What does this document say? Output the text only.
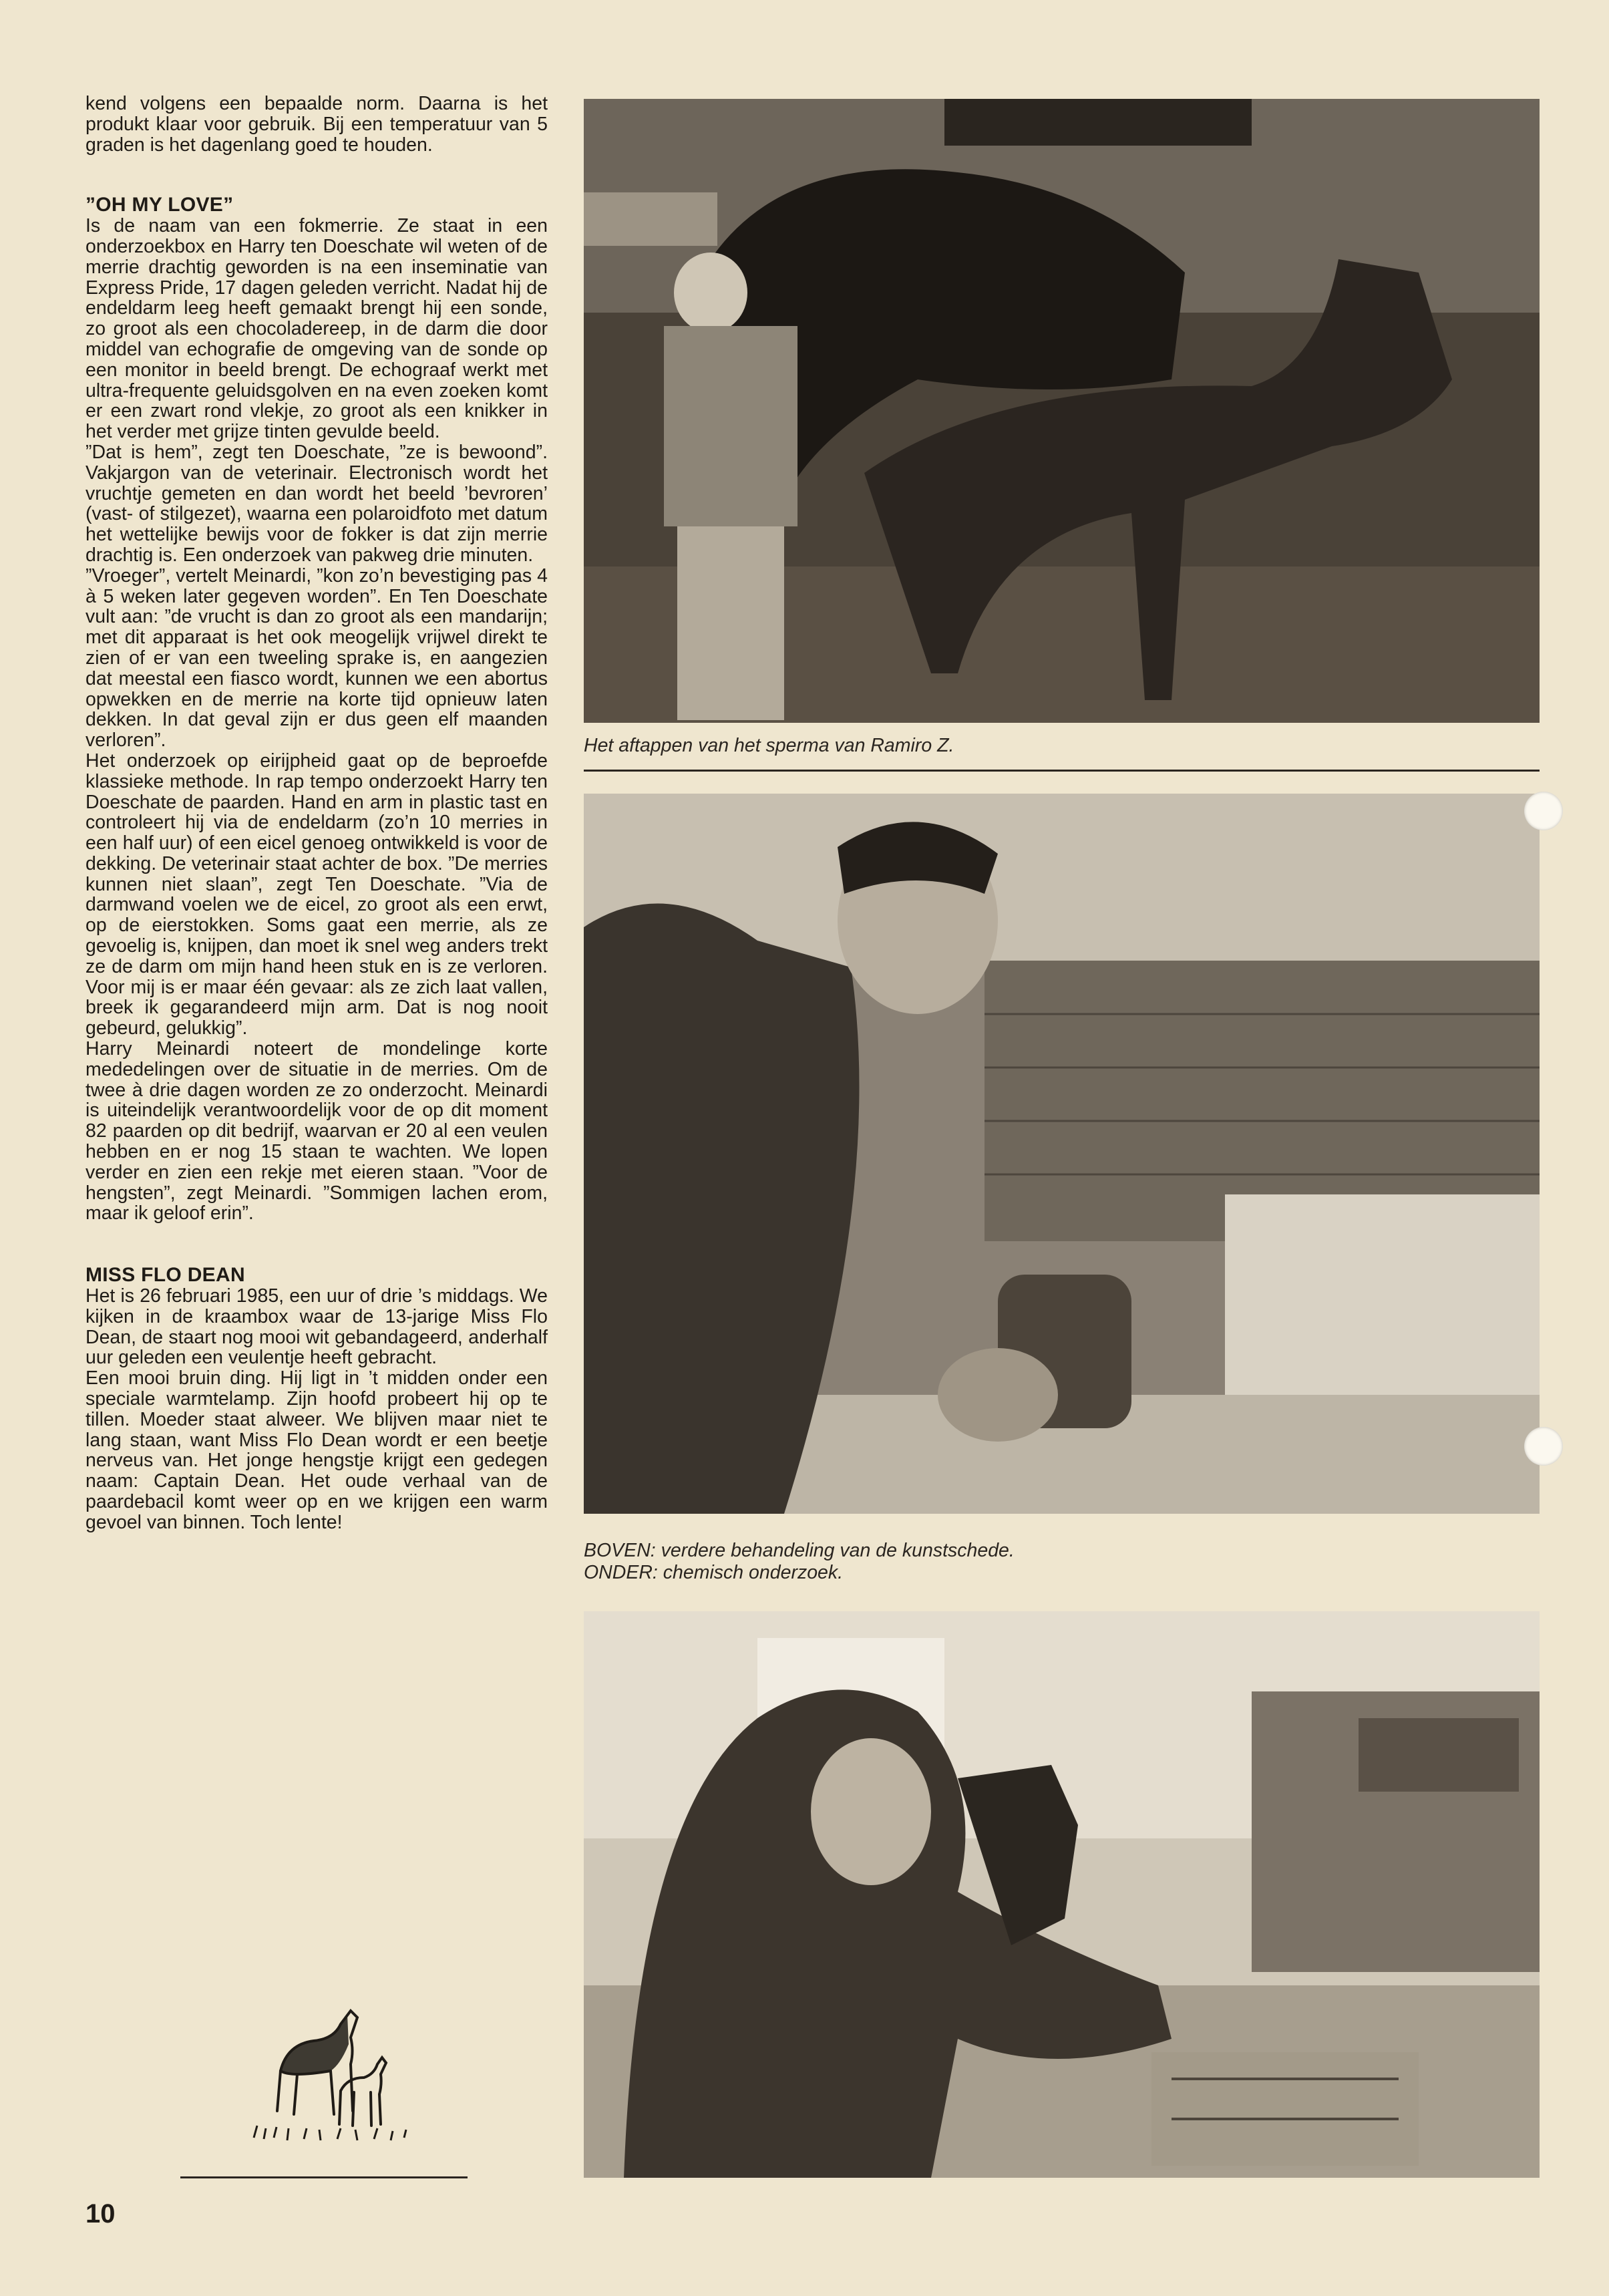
kend volgens een bepaalde norm. Daarna is het produkt klaar voor gebruik. Bij een temperatuur van 5 graden is het dagenlang goed te houden.

”OH MY LOVE”

Is de naam van een fokmerrie. Ze staat in een onderzoekbox en Harry ten Doeschate wil weten of de merrie drachtig geworden is na een inseminatie van Express Pride, 17 dagen geleden verricht. Nadat hij de endeldarm leeg heeft gemaakt brengt hij een sonde, zo groot als een chocoladereep, in de darm die door middel van echografie de omgeving van de sonde op een monitor in beeld brengt. De echograaf werkt met ultra-frequente geluidsgolven en na even zoeken komt er een zwart rond vlekje, zo groot als een knikker in het verder met grijze tinten gevulde beeld.

”Dat is hem”, zegt ten Doeschate, ”ze is bewoond”. Vakjargon van de veterinair. Electronisch wordt het vruchtje gemeten en dan wordt het beeld ’bevroren’ (vast- of stilgezet), waarna een polaroidfoto met datum het wettelijke bewijs voor de fokker is dat zijn merrie drachtig is. Een onderzoek van pakweg drie minuten.

”Vroeger”, vertelt Meinardi, ”kon zo’n bevestiging pas 4 à 5 weken later gegeven worden”. En Ten Doeschate vult aan: ”de vrucht is dan zo groot als een mandarijn; met dit apparaat is het ook meogelijk vrijwel direkt te zien of er van een tweeling sprake is, en aangezien dat meestal een fiasco wordt, kunnen we een abortus opwekken en de merrie na korte tijd opnieuw laten dekken. In dat geval zijn er dus geen elf maanden verloren”.

Het onderzoek op eirijpheid gaat op de beproefde klassieke methode. In rap tempo onderzoekt Harry ten Doeschate de paarden. Hand en arm in plastic tast en controleert hij via de endeldarm (zo’n 10 merries in een half uur) of een eicel genoeg ontwikkeld is voor de dekking. De veterinair staat achter de box. ”De merries kunnen niet slaan”, zegt Ten Doeschate. ”Via de darmwand voelen we de eicel, zo groot als een erwt, op de eierstokken. Soms gaat een merrie, als ze gevoelig is, knijpen, dan moet ik snel weg anders trekt ze de darm om mijn hand heen stuk en is ze verloren. Voor mij is er maar één gevaar: als ze zich laat vallen, breek ik gegarandeerd mijn arm. Dat is nog nooit gebeurd, gelukkig”.

Harry Meinardi noteert de mondelinge korte mededelingen over de situatie in de merries. Om de twee à drie dagen worden ze zo onderzocht. Meinardi is uiteindelijk verantwoordelijk voor de op dit moment 82 paarden op dit bedrijf, waarvan er 20 al een veulen hebben en er nog 15 staan te wachten. We lopen verder en zien een rekje met eieren staan. ”Voor de hengsten”, zegt Meinardi. ”Sommigen lachen erom, maar ik geloof erin”.

MISS FLO DEAN

Het is 26 februari 1985, een uur of drie ’s middags. We kijken in de kraambox waar de 13-jarige Miss Flo Dean, de staart nog mooi wit gebandageerd, anderhalf uur geleden een veulentje heeft gebracht.

Een mooi bruin ding. Hij ligt in ’t midden onder een speciale warmtelamp. Zijn hoofd probeert hij op te tillen. Moeder staat alweer. We blijven maar niet te lang staan, want Miss Flo Dean wordt er een beetje nerveus van. Het jonge hengstje krijgt een gedegen naam: Captain Dean. Het oude verhaal van de paardebacil komt weer op en we krijgen een warm gevoel van binnen. Toch lente!

Het aftappen van het sperma van Ramiro Z.
BOVEN: verdere behandeling van de kunstschede.
ONDER: chemisch onderzoek.
10
